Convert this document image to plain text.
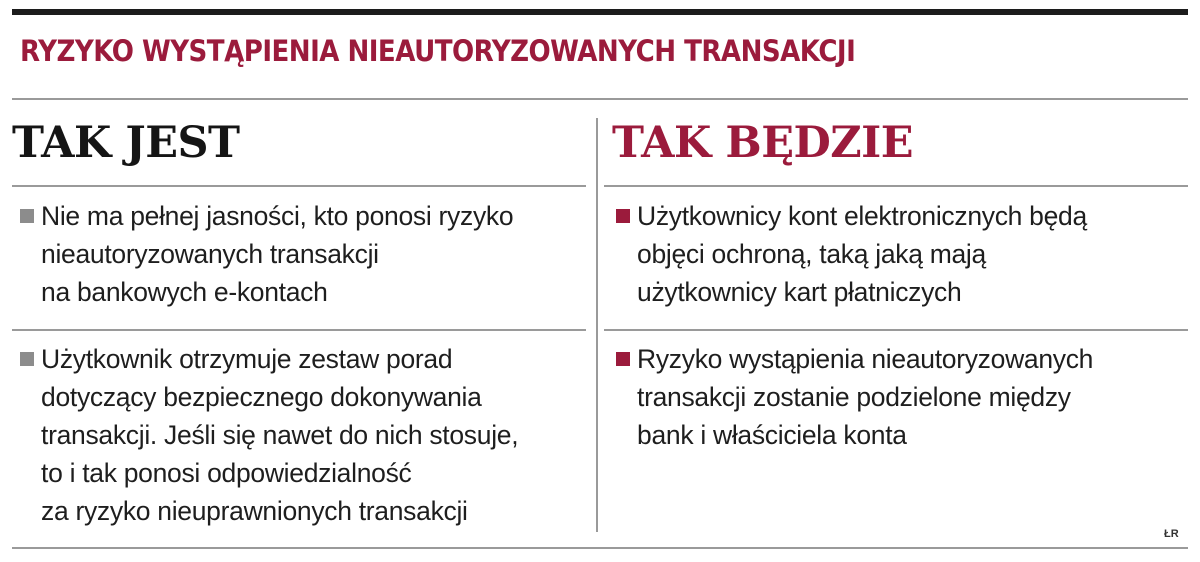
RYZYKO WYSTĄPIENIA NIEAUTORYZOWANYCH TRANSAKCJI
TAK JEST	TAK BĘDZIE
Nie ma pełnej jasności, kto ponosi ryzyko
nieautoryzowanych transakcji
na bankowych e-kontach
Użytkownik otrzymuje zestaw porad
dotyczący bezpiecznego dokonywania
transakcji. Jeśli się nawet do nich stosuje,
to i tak ponosi odpowiedzialność
za ryzyko nieuprawnionych transakcji
Użytkownicy kont elektronicznych będą
objęci ochroną, taką jaką mają
użytkownicy kart płatniczych
Ryzyko wystąpienia nieautoryzowanych
transakcji zostanie podzielone między
bank i właściciela konta
ŁR
